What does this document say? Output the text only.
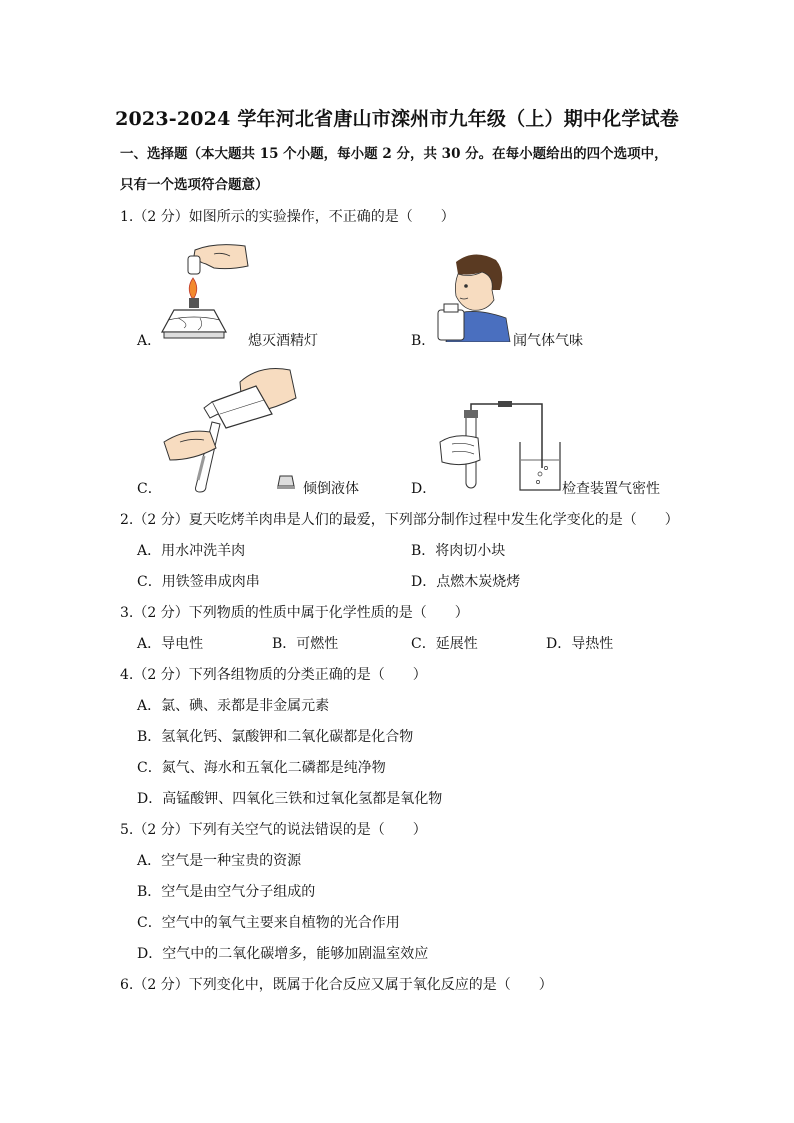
2023-2024 学年河北省唐山市滦州市九年级（上）期中化学试卷
一、选择题（本大题共 15 个小题，每小题 2 分，共 30 分。在每小题给出的四个选项中，
只有一个选项符合题意）
1.（2 分）如图所示的实验操作，不正确的是（　　）
A．	熄灭酒精灯	B．	闻气体气味
C．	倾倒液体	D．	检查装置气密性
2.（2 分）夏天吃烤羊肉串是人们的最爱，下列部分制作过程中发生化学变化的是（　　）
A．用水冲洗羊肉	B．将肉切小块
C．用铁签串成肉串	D．点燃木炭烧烤
3.（2 分）下列物质的性质中属于化学性质的是（　　）
A．导电性	B．可燃性	C．延展性	D．导热性
4.（2 分）下列各组物质的分类正确的是（　　）
A．氯、碘、汞都是非金属元素
B．氢氧化钙、氯酸钾和二氧化碳都是化合物
C．氮气、海水和五氧化二磷都是纯净物
D．高锰酸钾、四氧化三铁和过氧化氢都是氧化物
5.（2 分）下列有关空气的说法错误的是（　　）
A．空气是一种宝贵的资源
B．空气是由空气分子组成的
C．空气中的氧气主要来自植物的光合作用
D．空气中的二氧化碳增多，能够加剧温室效应
6.（2 分）下列变化中，既属于化合反应又属于氧化反应的是（　　）
